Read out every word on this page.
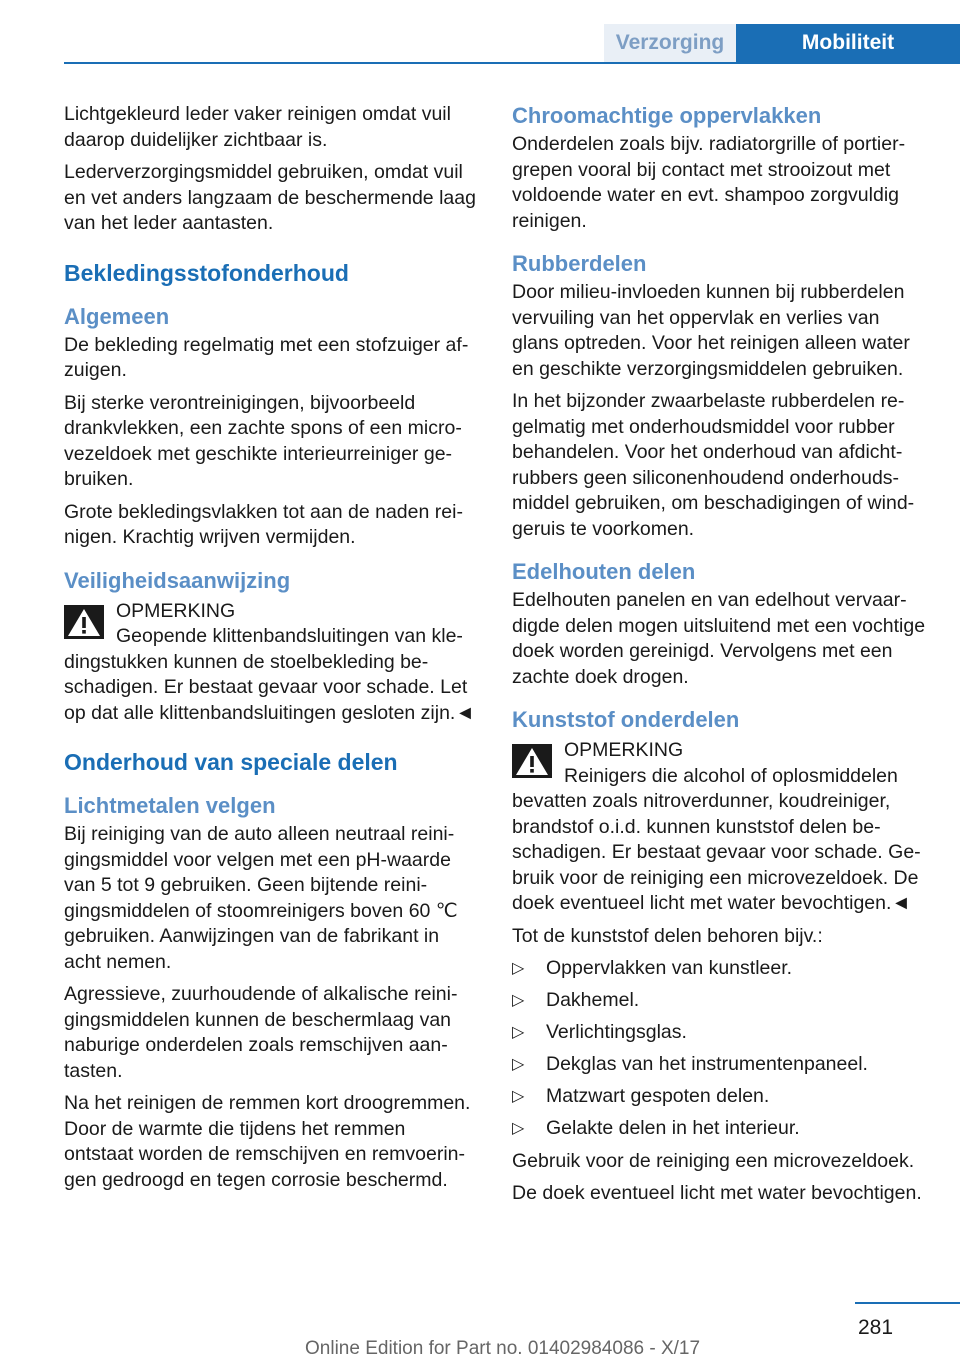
Verzorging	Mobiliteit

Lichtgekleurd leder vaker reinigen omdat vuil daarop duidelijker zichtbaar is.

Lederverzorgingsmiddel gebruiken, omdat vuil en vet anders langzaam de beschermende laag van het leder aantasten.

Bekledingsstofonderhoud
Algemeen

De bekleding regelmatig met een stofzuiger afzuigen.

Bij sterke verontreinigingen, bijvoorbeeld drankvlekken, een zachte spons of een microvezeldoek met geschikte interieurreiniger gebruiken.

Grote bekledingsvlakken tot aan de naden reinigen. Krachtig wrijven vermijden.

Veiligheidsaanwijzing
OPMERKING
Geopende klittenbandsluitingen van kledingstukken kunnen de stoelbekleding beschadigen. Er bestaat gevaar voor schade. Let op dat alle klittenbandsluitingen gesloten zijn.◄
Onderhoud van speciale delen
Lichtmetalen velgen

Bij reiniging van de auto alleen neutraal reinigingsmiddel voor velgen met een pH-waarde van 5 tot 9 gebruiken. Geen bijtende reinigingsmiddelen of stoomreinigers boven 60 ℃ gebruiken. Aanwijzingen van de fabrikant in acht nemen.

Agressieve, zuurhoudende of alkalische reinigingsmiddelen kunnen de beschermlaag van naburige onderdelen zoals remschijven aantasten.

Na het reinigen de remmen kort droogremmen. Door de warmte die tijdens het remmen ontstaat worden de remschijven en remvoeringen gedroogd en tegen corrosie beschermd.

Chroomachtige oppervlakken

Onderdelen zoals bijv. radiatorgrille of portiergrepen vooral bij contact met strooizout met voldoende water en evt. shampoo zorgvuldig reinigen.

Rubberdelen

Door milieu-invloeden kunnen bij rubberdelen vervuiling van het oppervlak en verlies van glans optreden. Voor het reinigen alleen water en geschikte verzorgingsmiddelen gebruiken.

In het bijzonder zwaarbelaste rubberdelen regelmatig met onderhoudsmiddel voor rubber behandelen. Voor het onderhoud van afdichtrubbers geen siliconenhoudend onderhoudsmiddel gebruiken, om beschadigingen of windgeruis te voorkomen.

Edelhouten delen

Edelhouten panelen en van edelhout vervaardigde delen mogen uitsluitend met een vochtige doek worden gereinigd. Vervolgens met een zachte doek drogen.

Kunststof onderdelen
OPMERKING
Reinigers die alcohol of oplosmiddelen bevatten zoals nitroverdunner, koudreiniger, brandstof o.i.d. kunnen kunststof delen beschadigen. Er bestaat gevaar voor schade. Gebruik voor de reiniging een microvezeldoek. De doek eventueel licht met water bevochtigen.◄

Tot de kunststof delen behoren bijv.:

▷ Oppervlakken van kunstleer.
▷ Dakhemel.
▷ Verlichtingsglas.
▷ Dekglas van het instrumentenpaneel.
▷ Matzwart gespoten delen.
▷ Gelakte delen in het interieur.

Gebruik voor de reiniging een microvezeldoek.

De doek eventueel licht met water bevochtigen.

281
Online Edition for Part no. 01402984086 - X/17
